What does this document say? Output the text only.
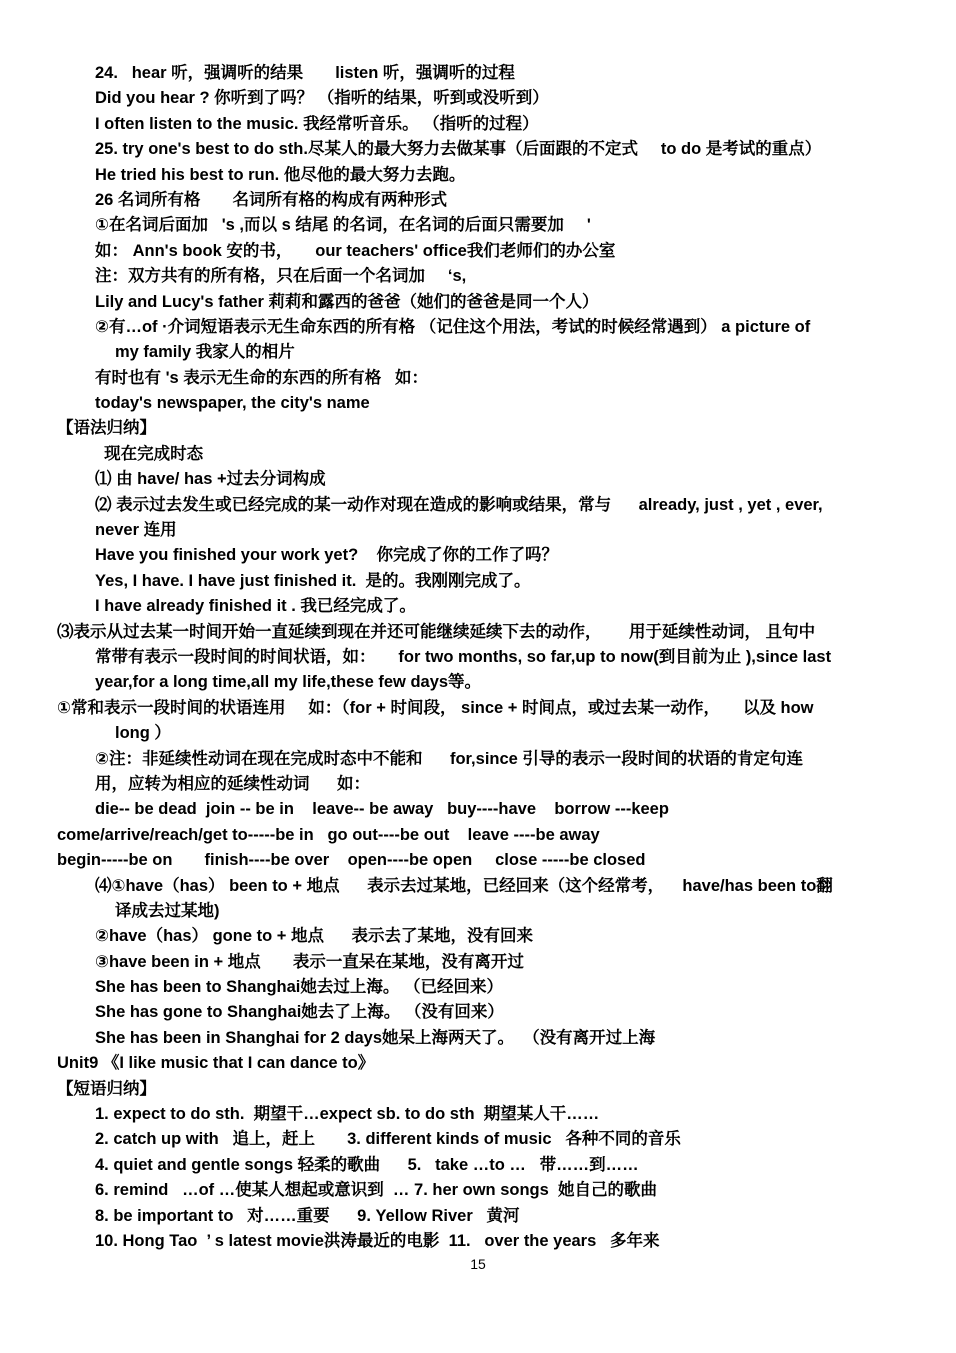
24.   hear 听，强调听的结果       listen 听，强调听的过程
Did you hear ? 你听到了吗？ （指听的结果，听到或没听到）
I often listen to the music. 我经常听音乐。 （指听的过程）
25. try one's best to do sth.尽某人的最大努力去做某事（后面跟的不定式     to do 是考试的重点）
He tried his best to run. 他尽他的最大努力去跑。
26 名词所有格       名词所有格的构成有两种形式
①在名词后面加   's ,而以 s 结尾 的名词，在名词的后面只需要加     '
如： Ann's book 安的书，     our teachers' office我们老师们的办公室
注：双方共有的所有格，只在后面一个名词加     ‘s,
Lily and Lucy's father 莉莉和露西的爸爸（她们的爸爸是同一个人）
②有…of ·介词短语表示无生命东西的所有格 （记住这个用法，考试的时候经常遇到） a picture of
my family 我家人的相片
有时也有 's 表示无生命的东西的所有格   如：
today's newspaper, the city's name
【语法归纳】
现在完成时态
⑴ 由 have/ has +过去分词构成
⑵ 表示过去发生或已经完成的某一动作对现在造成的影响或结果，常与      already, just , yet , ever,
never 连用
Have you finished your work yet?    你完成了你的工作了吗？
Yes, I have. I have just finished it.  是的。我刚刚完成了。
I have already finished it . 我已经完成了。
⑶表示从过去某一时间开始一直延续到现在并还可能继续延续下去的动作，      用于延续性动词， 且句中
常带有表示一段时间的时间状语，如：     for two months, so far,up to now(到目前为止 ),since last
year,for a long time,all my life,these few days等。
①常和表示一段时间的状语连用     如：（for + 时间段， since + 时间点，或过去某一动作，     以及 how
long ）
②注：非延续性动词在现在完成时态中不能和      for,since 引导的表示一段时间的状语的肯定句连
用，应转为相应的延续性动词      如：
die-- be dead  join -- be in    leave-- be away   buy----have    borrow ---keep
come/arrive/reach/get to-----be in   go out----be out    leave ----be away
begin-----be on       finish----be over    open----be open     close -----be closed
⑷①have（has） been to + 地点      表示去过某地，已经回来（这个经常考，    have/has been to翻
译成去过某地)
②have（has） gone to + 地点      表示去了某地，没有回来
③have been in + 地点       表示一直呆在某地，没有离开过
She has been to Shanghai她去过上海。 （已经回来）
She has gone to Shanghai她去了上海。 （没有回来）
She has been in Shanghai for 2 days她呆上海两天了。  （没有离开过上海
Unit9 《I like music that I can dance to》
【短语归纳】
1. expect to do sth.  期望干…expect sb. to do sth  期望某人干……
2. catch up with   追上，赶上       3. different kinds of music   各种不同的音乐
4. quiet and gentle songs 轻柔的歌曲      5.   take …to …   带……到……
6. remind   …of …使某人想起或意识到  … 7. her own songs  她自己的歌曲
8. be important to   对……重要      9. Yellow River   黄河
10. Hong Tao  ’ s latest movie洪涛最近的电影  11.   over the years   多年来
15
